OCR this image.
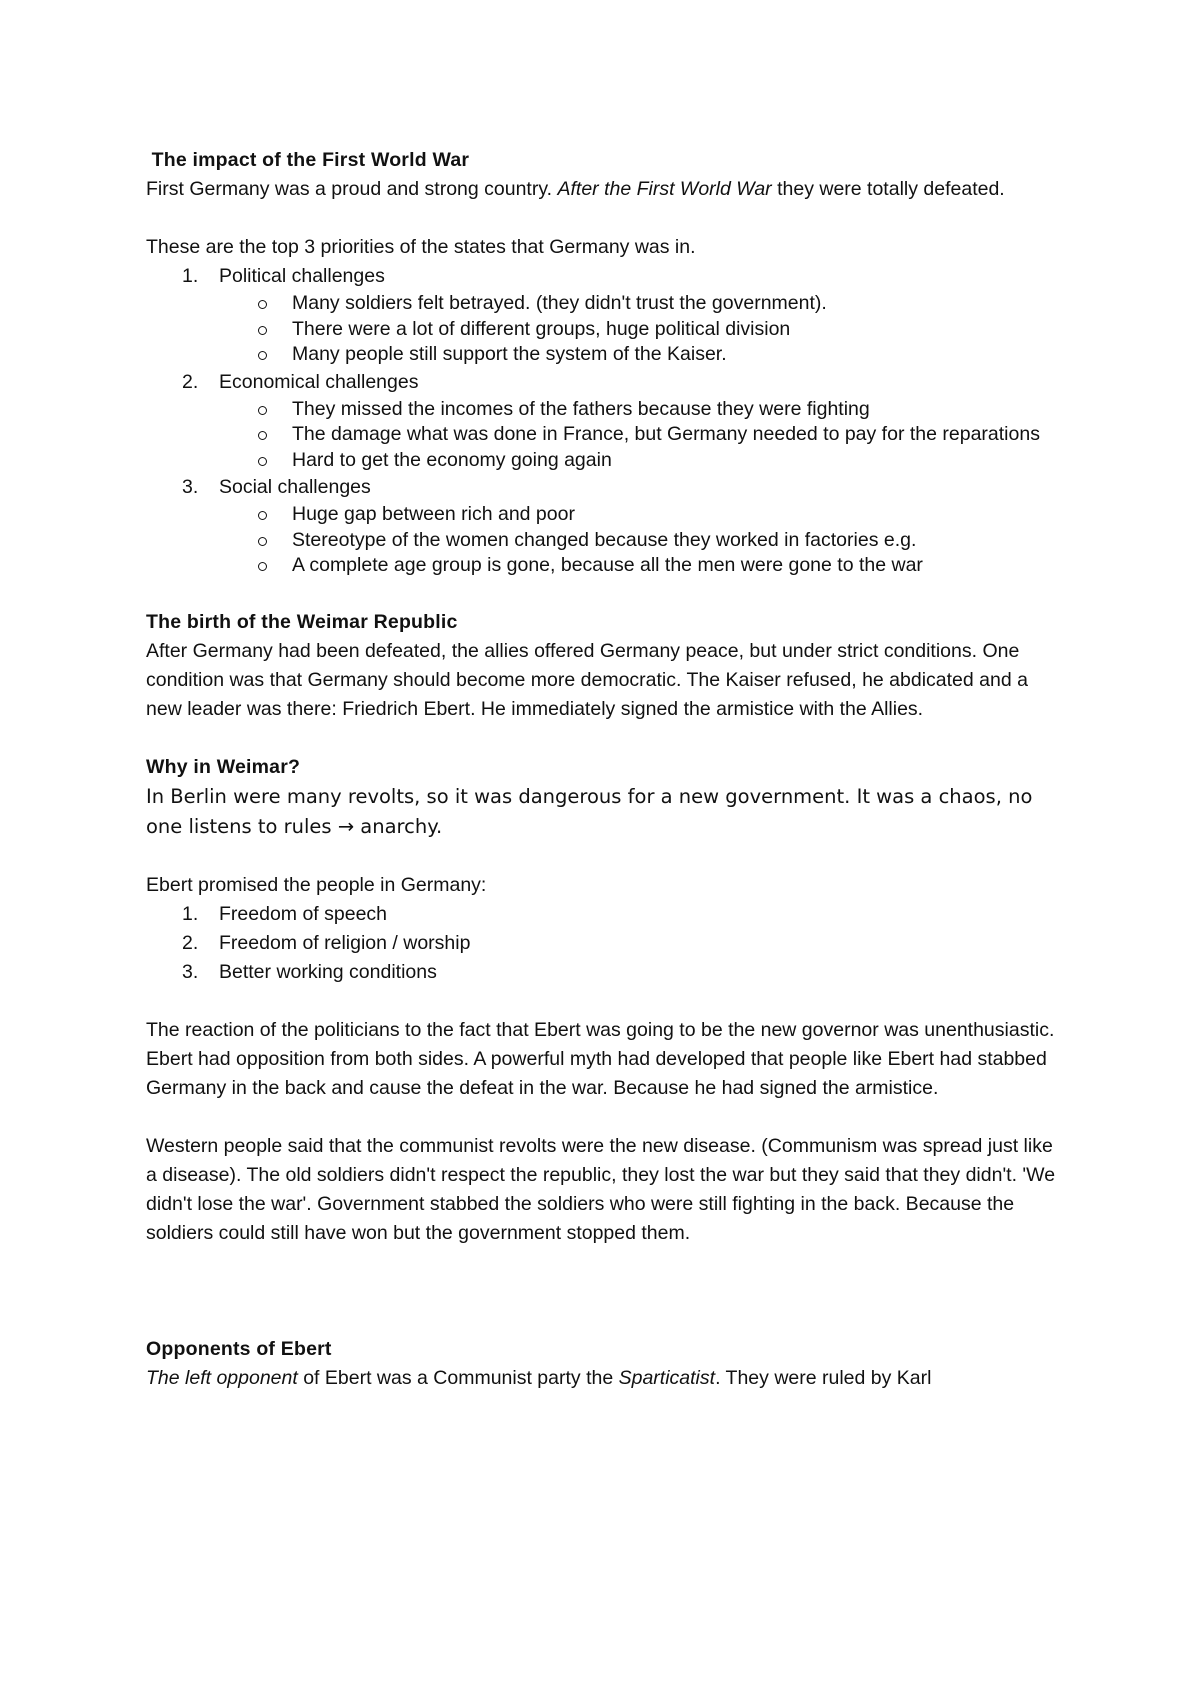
The impact of the First World War

First Germany was a proud and strong country. After the First World War they were totally defeated.

These are the top 3 priorities of the states that Germany was in.

1. Political challenges
Many soldiers felt betrayed. (they didn't trust the government).
There were a lot of different groups, huge political division
Many people still support the system of the Kaiser.
2. Economical challenges
They missed the incomes of the fathers because they were fighting
The damage what was done in France, but Germany needed to pay for the reparations
Hard to get the economy going again
3. Social challenges
Huge gap between rich and poor
Stereotype of the women changed because they worked in factories e.g.
A complete age group is gone, because all the men were gone to the war

The birth of the Weimar Republic

After Germany had been defeated, the allies offered Germany peace, but under strict conditions. One condition was that Germany should become more democratic. The Kaiser refused, he abdicated and a new leader was there: Friedrich Ebert. He immediately signed the armistice with the Allies.

Why in Weimar?

In Berlin were many revolts, so it was dangerous for a new government. It was a chaos, no one listens to rules → anarchy.

Ebert promised the people in Germany:

1. Freedom of speech
2. Freedom of religion / worship
3. Better working conditions

The reaction of the politicians to the fact that Ebert was going to be the new governor was unenthusiastic. Ebert had opposition from both sides. A powerful myth had developed that people like Ebert had stabbed Germany in the back and cause the defeat in the war. Because he had signed the armistice.

Western people said that the communist revolts were the new disease. (Communism was spread just like a disease). The old soldiers didn't respect the republic, they lost the war but they said that they didn't. 'We didn't lose the war'. Government stabbed the soldiers who were still fighting in the back. Because the soldiers could still have won but the government stopped them.

Opponents of Ebert

The left opponent of Ebert was a Communist party the Sparticatist. They were ruled by Karl
